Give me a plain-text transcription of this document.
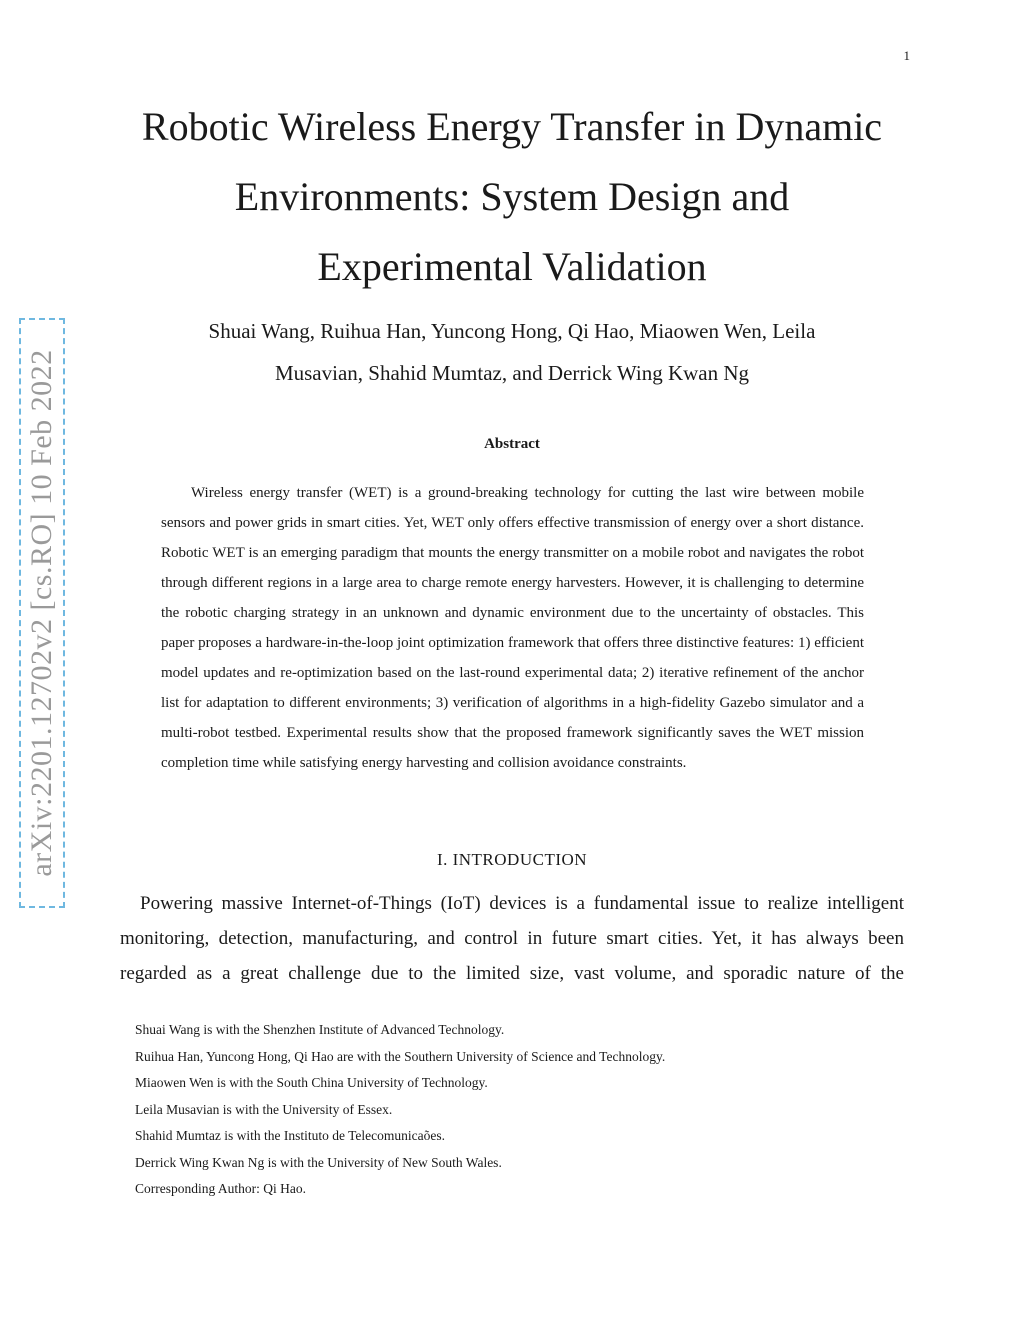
1
Robotic Wireless Energy Transfer in Dynamic
Environments: System Design and
Experimental Validation
Shuai Wang, Ruihua Han, Yuncong Hong, Qi Hao, Miaowen Wen, Leila
Musavian, Shahid Mumtaz, and Derrick Wing Kwan Ng
Abstract

Wireless energy transfer (WET) is a ground-breaking technology for cutting the last wire between mobile sensors and power grids in smart cities. Yet, WET only offers effective transmission of energy over a short distance. Robotic WET is an emerging paradigm that mounts the energy transmitter on a mobile robot and navigates the robot through different regions in a large area to charge remote energy harvesters. However, it is challenging to determine the robotic charging strategy in an unknown and dynamic environment due to the uncertainty of obstacles. This paper proposes a hardware-in-the-loop joint optimization framework that offers three distinctive features: 1) efficient model updates and re-optimization based on the last-round experimental data; 2) iterative refinement of the anchor list for adaptation to different environments; 3) verification of algorithms in a high-fidelity Gazebo simulator and a multi-robot testbed. Experimental results show that the proposed framework significantly saves the WET mission completion time while satisfying energy harvesting and collision avoidance constraints.

I. INTRODUCTION

Powering massive Internet-of-Things (IoT) devices is a fundamental issue to realize intelligent monitoring, detection, manufacturing, and control in future smart cities. Yet, it has always been regarded as a great challenge due to the limited size, vast volume, and sporadic nature of the

Shuai Wang is with the Shenzhen Institute of Advanced Technology.
Ruihua Han, Yuncong Hong, Qi Hao are with the Southern University of Science and Technology.
Miaowen Wen is with the South China University of Technology.
Leila Musavian is with the University of Essex.
Shahid Mumtaz is with the Instituto de Telecomunicaões.
Derrick Wing Kwan Ng is with the University of New South Wales.
Corresponding Author: Qi Hao.
arXiv:2201.12702v2 [cs.RO] 10 Feb 2022
